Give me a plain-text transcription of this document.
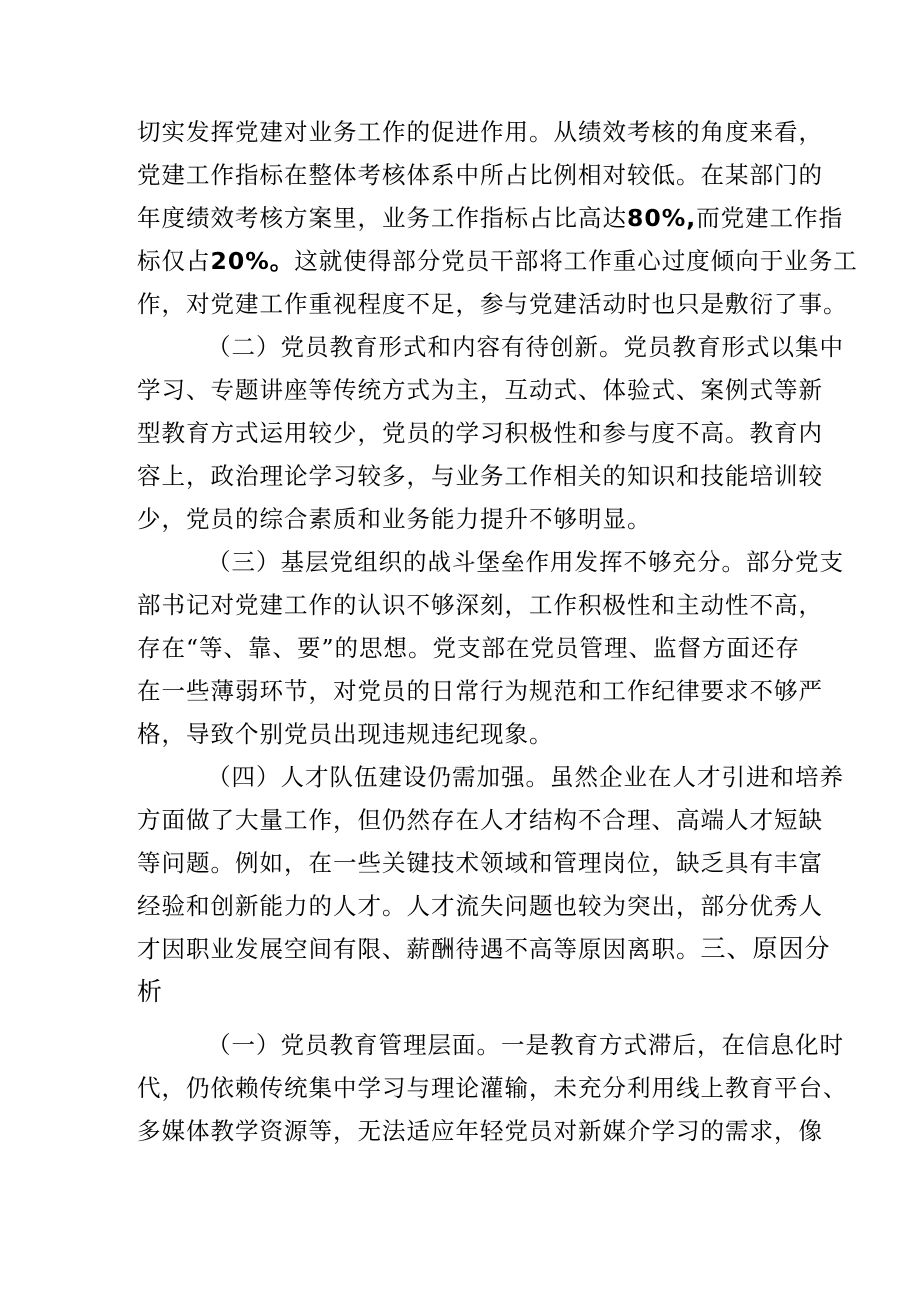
切实发挥党建对业务工作的促进作用。从绩效考核的角度来看，
党建工作指标在整体考核体系中所占比例相对较低。在某部门的
年度绩效考核方案里，业务工作指标占比高达80%,而党建工作指
标仅占20%。这就使得部分党员干部将工作重心过度倾向于业务工
作，对党建工作重视程度不足，参与党建活动时也只是敷衍了事。
（二）党员教育形式和内容有待创新。党员教育形式以集中
学习、专题讲座等传统方式为主，互动式、体验式、案例式等新
型教育方式运用较少，党员的学习积极性和参与度不高。教育内
容上，政治理论学习较多，与业务工作相关的知识和技能培训较
少，党员的综合素质和业务能力提升不够明显。
（三）基层党组织的战斗堡垒作用发挥不够充分。部分党支
部书记对党建工作的认识不够深刻，工作积极性和主动性不高，
存在“等、靠、要”的思想。党支部在党员管理、监督方面还存
在一些薄弱环节，对党员的日常行为规范和工作纪律要求不够严
格，导致个别党员出现违规违纪现象。
（四）人才队伍建设仍需加强。虽然企业在人才引进和培养
方面做了大量工作，但仍然存在人才结构不合理、高端人才短缺
等问题。例如，在一些关键技术领域和管理岗位，缺乏具有丰富
经验和创新能力的人才。人才流失问题也较为突出，部分优秀人
才因职业发展空间有限、薪酬待遇不高等原因离职。三、原因分
析
（一）党员教育管理层面。一是教育方式滞后，在信息化时
代，仍依赖传统集中学习与理论灌输，未充分利用线上教育平台、
多媒体教学资源等，无法适应年轻党员对新媒介学习的需求，像
